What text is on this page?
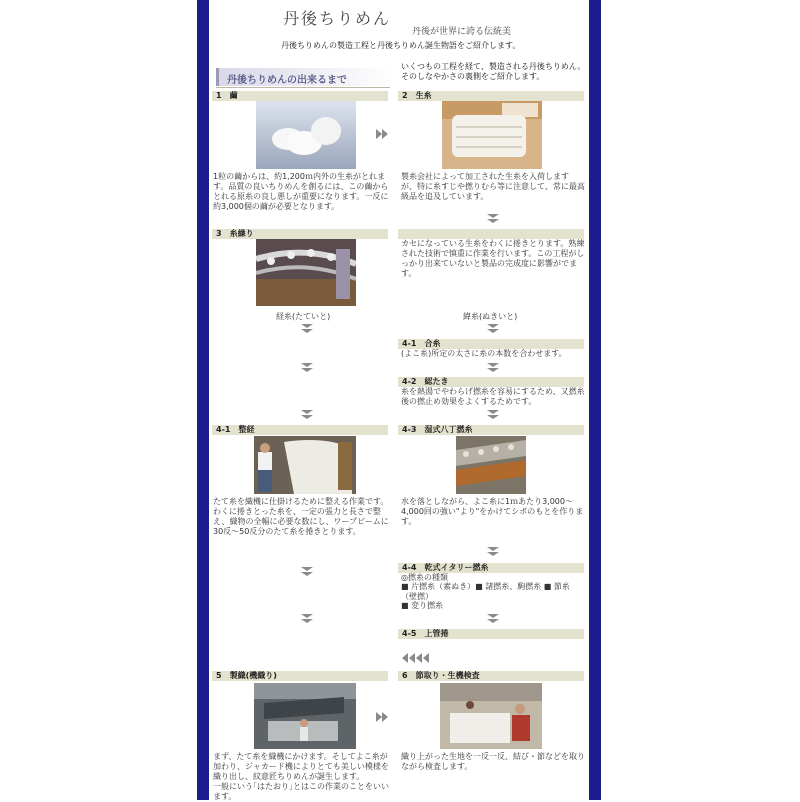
丹後ちりめん
丹後が世界に誇る伝統美
丹後ちりめんの製造工程と丹後ちりめん誕生物語をご紹介します。
丹後ちりめんの出来るまで
いくつもの工程を経て、製造される丹後ちりめん。
そのしなやかさの裏側をご紹介します。
1　繭	2　生糸
1粒の繭からは、約1,200ｍ内外の生糸がとれます。品質の良いちりめんを創るには、この繭からとれる原糸の良し悪しが重要になります。一反に約3,000個の繭が必要となります。
製糸会社によって加工された生糸を入荷します が、特に糸すじや撚りむら等に注意して、常に最高 級品を追及しています。
3　糸繰り
カセになっている生糸をわくに捲きとります。熟練された技術で慎重に作業を行います。この工程がしっかり出来ていないと製品の完成度に影響がでます。
経糸(たていと)	緯糸(ぬきいと)
4-1　合糸
(よこ糸)所定の太さに糸の本数を合わせます。
4-2　綛たき
糸を熱湯でやわらげ撚糸を容易にするため、又撚糸後の撚止め効果をよくするためです。
4-1　整経	4-3　湿式八丁撚糸
たて糸を織機に仕掛けるために整える作業です。わくに捲きとった糸を、一定の張力と長さで整え、織物の全幅に必要な数にし、ワープビームに30反〜50反分のたて糸を捲きとります。
水を落としながら、よこ糸に1ｍあたり3,000〜4,000回の強い"より"をかけてシボのもとを作ります。
4-4　乾式イタリー撚糸
◎撚糸の種類
■ 片撚糸（素ぬき）■ 諸撚糸、駒撚糸 ■ 節糸（壁撚）
■ 変り撚糸
4-5　上管捲
5　製織(機織り)	6　節取り・生機検査
まず、たて糸を織機にかけます。そしてよこ糸が加わり、ジャカード機によりとても美しい模様を織り出し、紋意匠ちりめんが誕生します。
一般にいう｢はたおり｣とはこの作業のことをいいます。
織り上がった生地を一反一反、結び・節などを取りながら検査します。
